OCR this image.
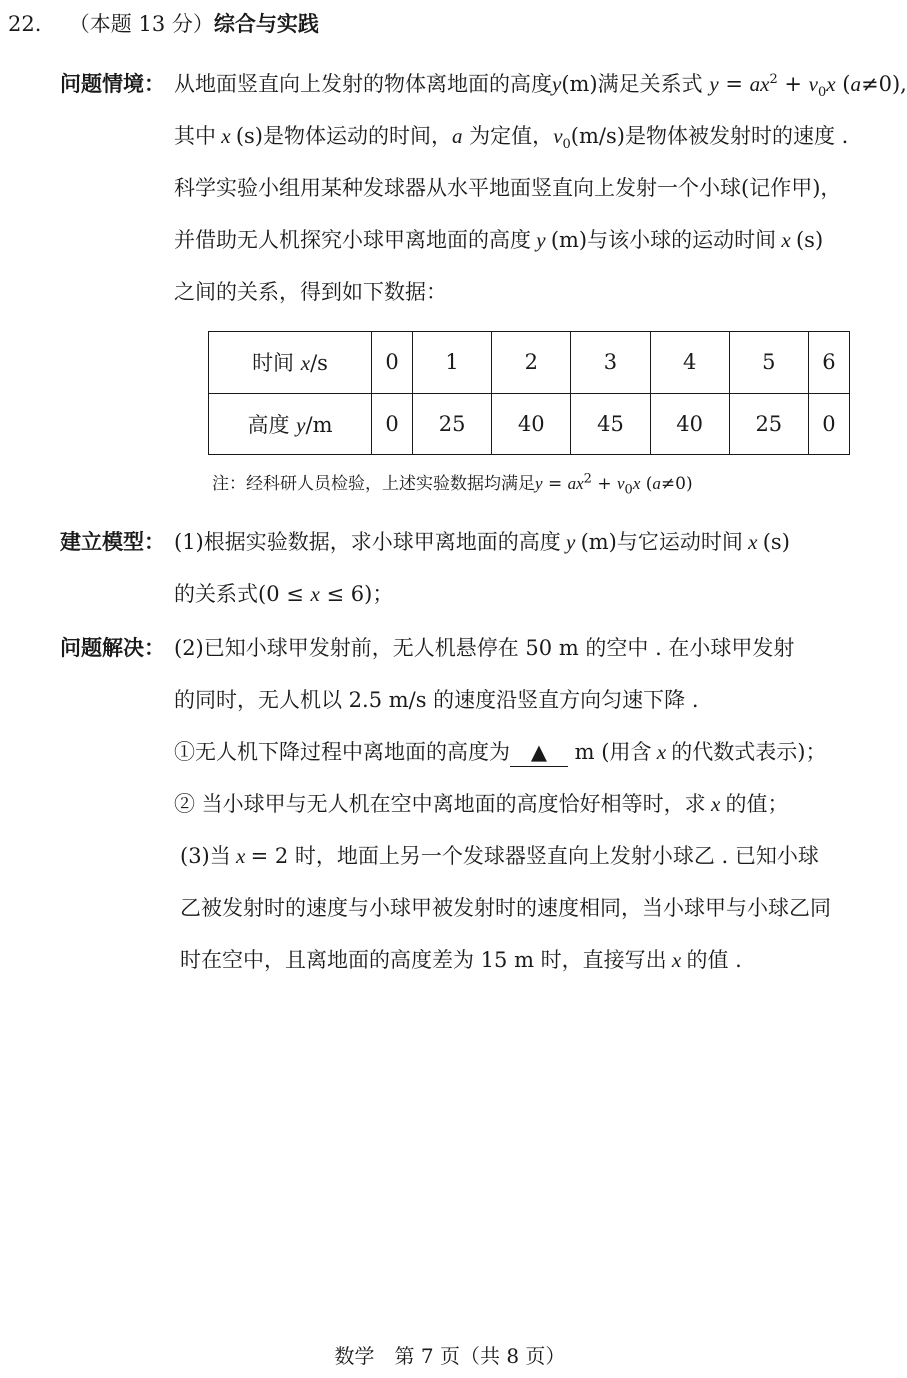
22. （本题 13 分）综合与实践
问题情境： 从地面竖直向上发射的物体离地面的高度y(m)满足关系式 $y = ax^2 + v_0x$ (a≠0),
其中 x (s)是物体运动的时间，a 为定值，$v_0(m/s)$是物体被发射时的速度 .
科学实验小组用某种发球器从水平地面竖直向上发射一个小球(记作甲)，
并借助无人机探究小球甲离地面的高度 y (m)与该小球的运动时间 x (s)
之间的关系，得到如下数据：
时间 x/s	0	1	2	3	4	5	6
高度 y/m	0	25	40	45	40	25	0
注：经科研人员检验，上述实验数据均满足$y = ax^2 + v_0x$ (a≠0)
建立模型： (1)根据实验数据，求小球甲离地面的高度 y (m)与它运动时间 x (s)
的关系式(0 ≤ x ≤ 6)；
问题解决： (2)已知小球甲发射前，无人机悬停在 50 m 的空中 . 在小球甲发射
的同时，无人机以 2.5 m/s 的速度沿竖直方向匀速下降 .
①无人机下降过程中离地面的高度为 ▲ m (用含 x 的代数式表示)；
② 当小球甲与无人机在空中离地面的高度恰好相等时，求 x 的值；
(3)当 x = 2 时，地面上另一个发球器竖直向上发射小球乙 . 已知小球
乙被发射时的速度与小球甲被发射时的速度相同，当小球甲与小球乙同
时在空中，且离地面的高度差为 15 m 时，直接写出 x 的值 .
数学　第 7 页（共 8 页）
